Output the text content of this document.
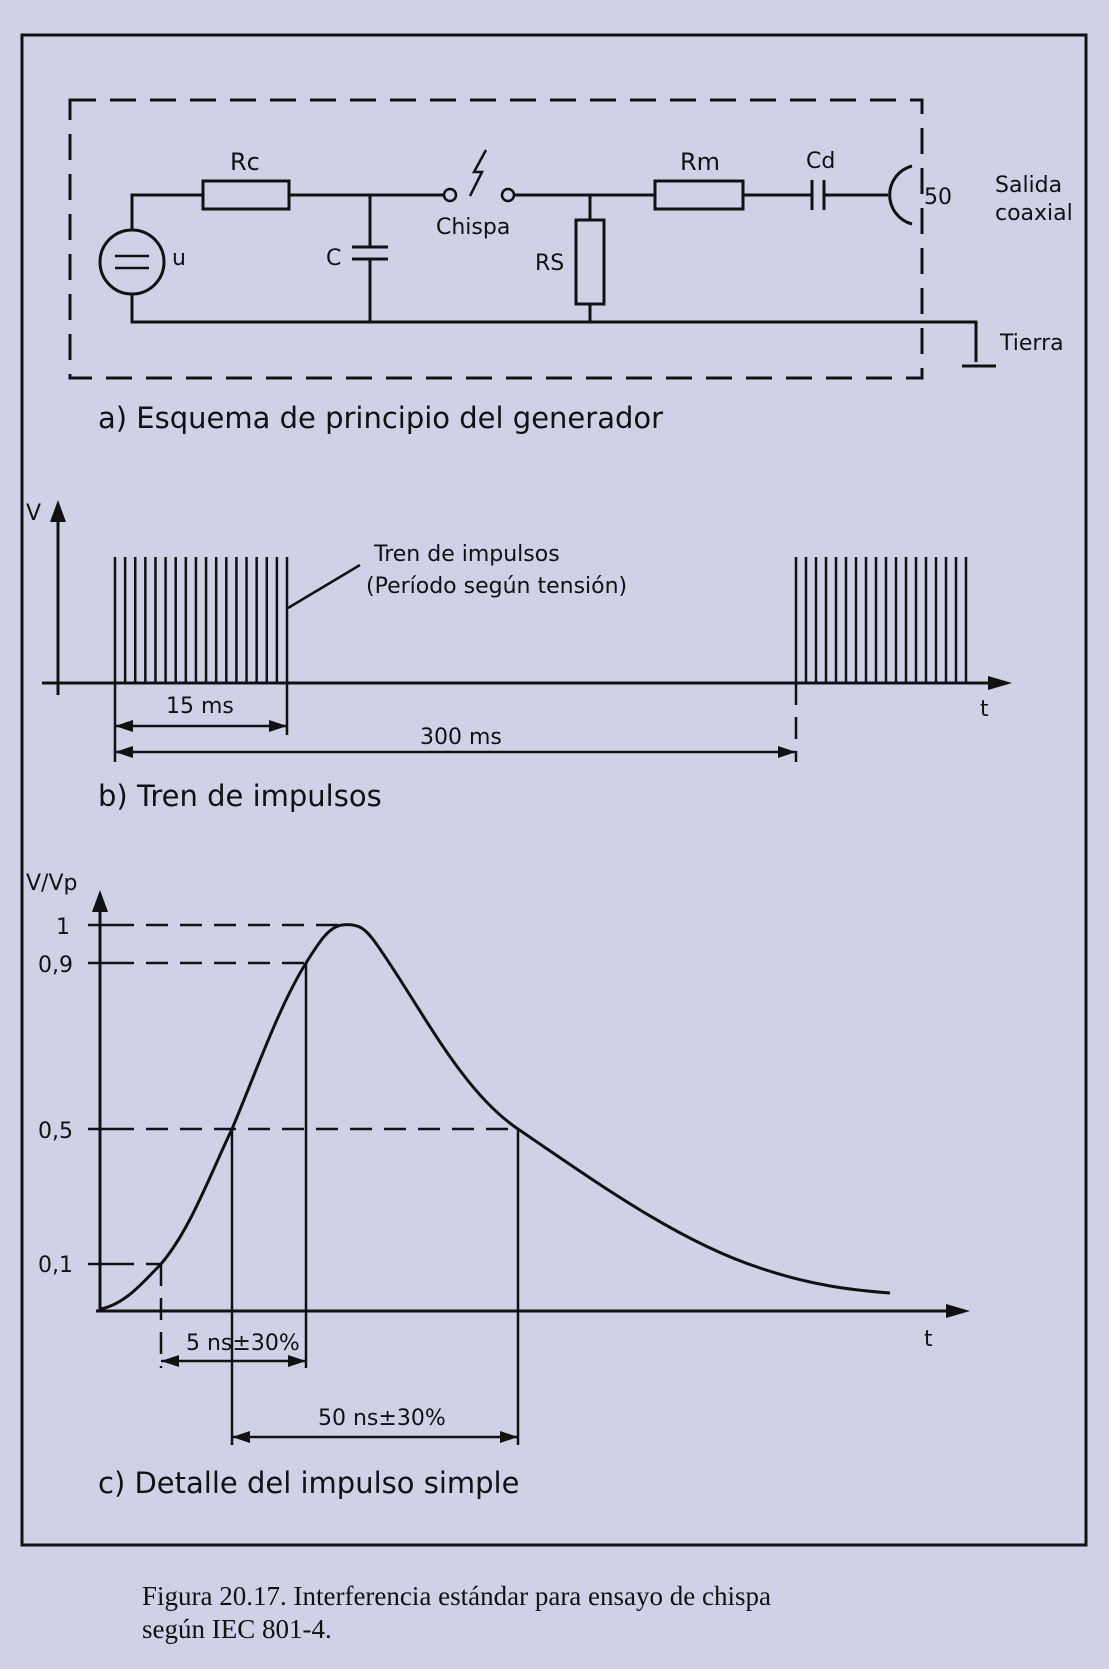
u
Rc
C
Chispa
RS
Rm	Cd
50 Salida
coaxial
Tierra
a) Esquema de principio del generador
V
t
Tren de impulsos
(Período según tensión)
15 ms
300 ms
b) Tren de impulsos
V/Vp
t
1
0,9
0,5
0,1
5 ns±30%
50 ns±30%
c) Detalle del impulso simple
Figura 20.17. Interferencia estándar para ensayo de chispa
según IEC 801-4.
